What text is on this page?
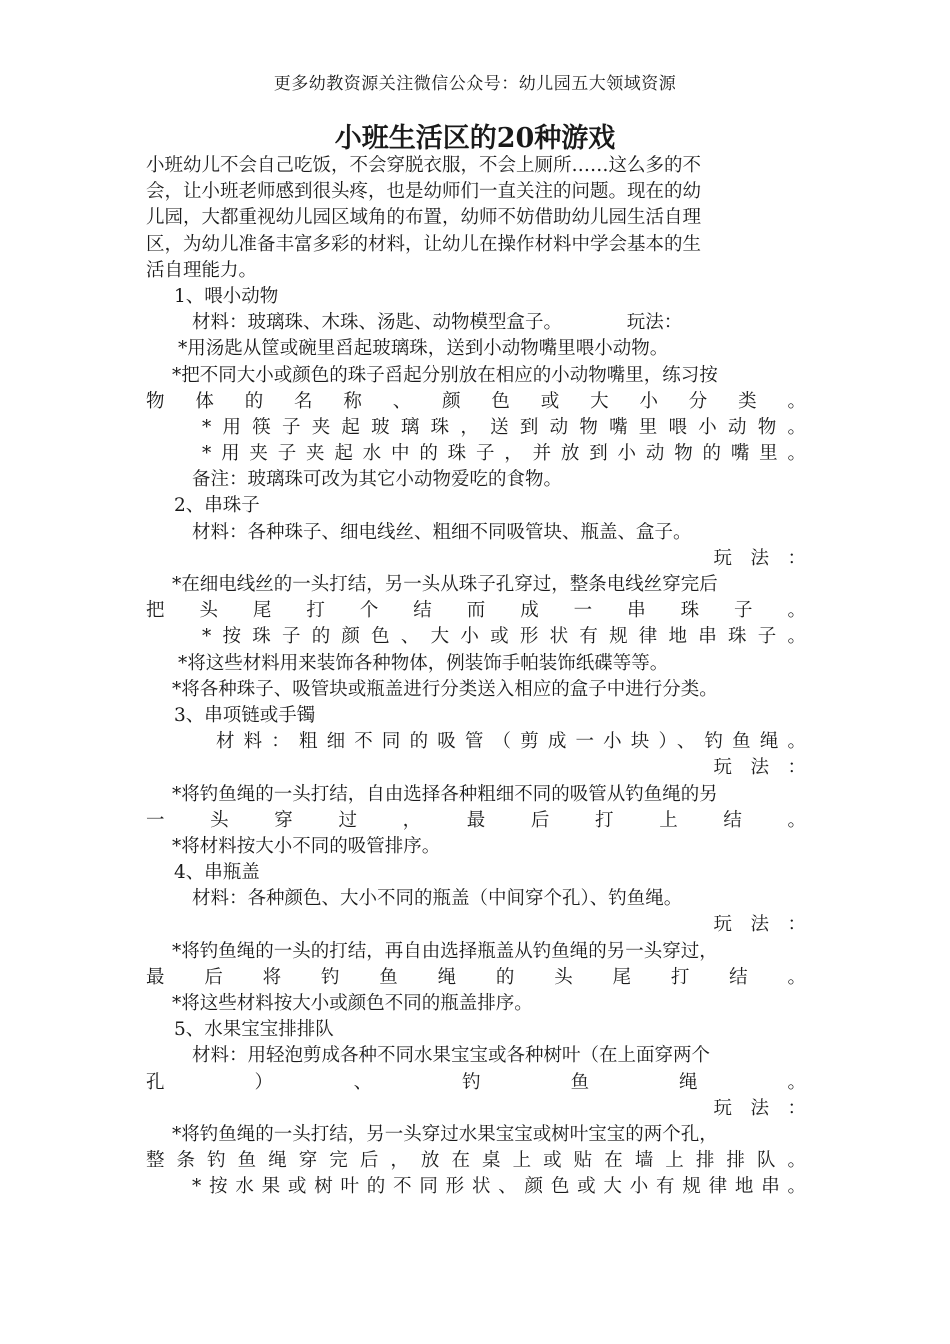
更多幼教资源关注微信公众号：幼儿园五大领域资源
小班生活区的20种游戏
小班幼儿不会自己吃饭，不会穿脱衣服，不会上厕所……这么多的不
会，让小班老师感到很头疼，也是幼师们一直关注的问题。现在的幼
儿园，大都重视幼儿园区域角的布置，幼师不妨借助幼儿园生活自理
区，为幼儿准备丰富多彩的材料，让幼儿在操作材料中学会基本的生
活自理能力。
1、喂小动物
材料：玻璃珠、木珠、汤匙、动物模型盒子。　　　　玩法：
*用汤匙从筐或碗里舀起玻璃珠，送到小动物嘴里喂小动物。
*把不同大小或颜色的珠子舀起分别放在相应的小动物嘴里，练习按
物体的名称、颜色或大小分类。
*用筷子夹起玻璃珠，送到动物嘴里喂小动物。
*用夹子夹起水中的珠子，并放到小动物的嘴里。
备注：玻璃珠可改为其它小动物爱吃的食物。
2、串珠子
材料：各种珠子、细电线丝、粗细不同吸管块、瓶盖、盒子。
玩　法　：
*在细电线丝的一头打结，另一头从珠子孔穿过，整条电线丝穿完后
把头尾打个结而成一串珠子。
*按珠子的颜色、大小或形状有规律地串珠子。
*将这些材料用来装饰各种物体，例装饰手帕装饰纸碟等等。
*将各种珠子、吸管块或瓶盖进行分类送入相应的盒子中进行分类。
3、串项链或手镯
材料：粗细不同的吸管（剪成一小块）、钓鱼绳。
玩　法　：
*将钓鱼绳的一头打结，自由选择各种粗细不同的吸管从钓鱼绳的另
一头穿过，最后打上结。
*将材料按大小不同的吸管排序。
4、串瓶盖
材料：各种颜色、大小不同的瓶盖（中间穿个孔）、钓鱼绳。
玩　法　：
*将钓鱼绳的一头的打结，再自由选择瓶盖从钓鱼绳的另一头穿过，
最后将钓鱼绳的头尾打结。
*将这些材料按大小或颜色不同的瓶盖排序。
5、水果宝宝排排队
材料：用轻泡剪成各种不同水果宝宝或各种树叶（在上面穿两个
孔）、钓鱼绳。
玩　法　：
*将钓鱼绳的一头打结，另一头穿过水果宝宝或树叶宝宝的两个孔，
整条钓鱼绳穿完后，放在桌上或贴在墙上排排队。
*按水果或树叶的不同形状、颜色或大小有规律地串。
